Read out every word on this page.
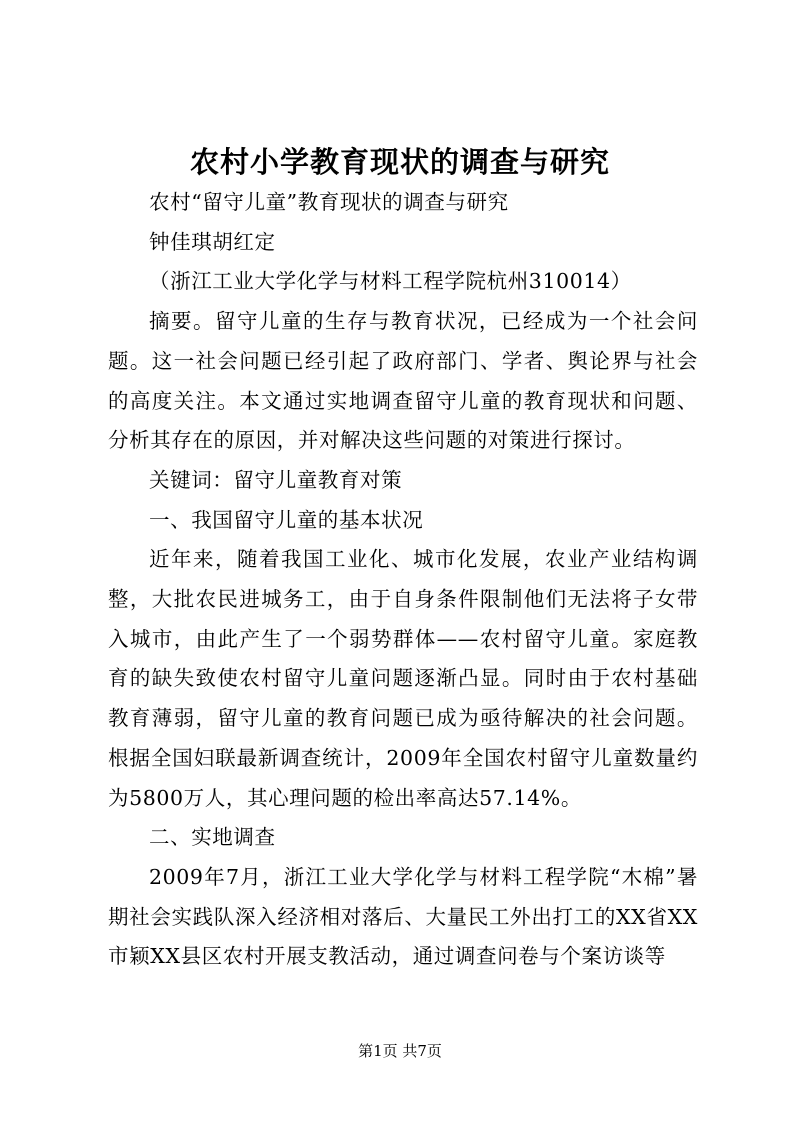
农村小学教育现状的调查与研究

农村“留守儿童”教育现状的调查与研究

钟佳琪胡红定

（浙江工业大学化学与材料工程学院杭州310014）

摘要。留守儿童的生存与教育状况，已经成为一个社会问题。这一社会问题已经引起了政府部门、学者、舆论界与社会的高度关注。本文通过实地调查留守儿童的教育现状和问题、分析其存在的原因，并对解决这些问题的对策进行探讨。

关键词：留守儿童教育对策

一、我国留守儿童的基本状况

近年来，随着我国工业化、城市化发展，农业产业结构调整，大批农民进城务工，由于自身条件限制他们无法将子女带入城市，由此产生了一个弱势群体——农村留守儿童。家庭教育的缺失致使农村留守儿童问题逐渐凸显。同时由于农村基础教育薄弱，留守儿童的教育问题已成为亟待解决的社会问题。根据全国妇联最新调查统计，2009年全国农村留守儿童数量约为5800万人，其心理问题的检出率高达57.14%。

二、实地调查

2009年7月，浙江工业大学化学与材料工程学院“木棉”暑期社会实践队深入经济相对落后、大量民工外出打工的XX省XX市颖XX县区农村开展支教活动，通过调查问卷与个案访谈等

第1页 共7页
